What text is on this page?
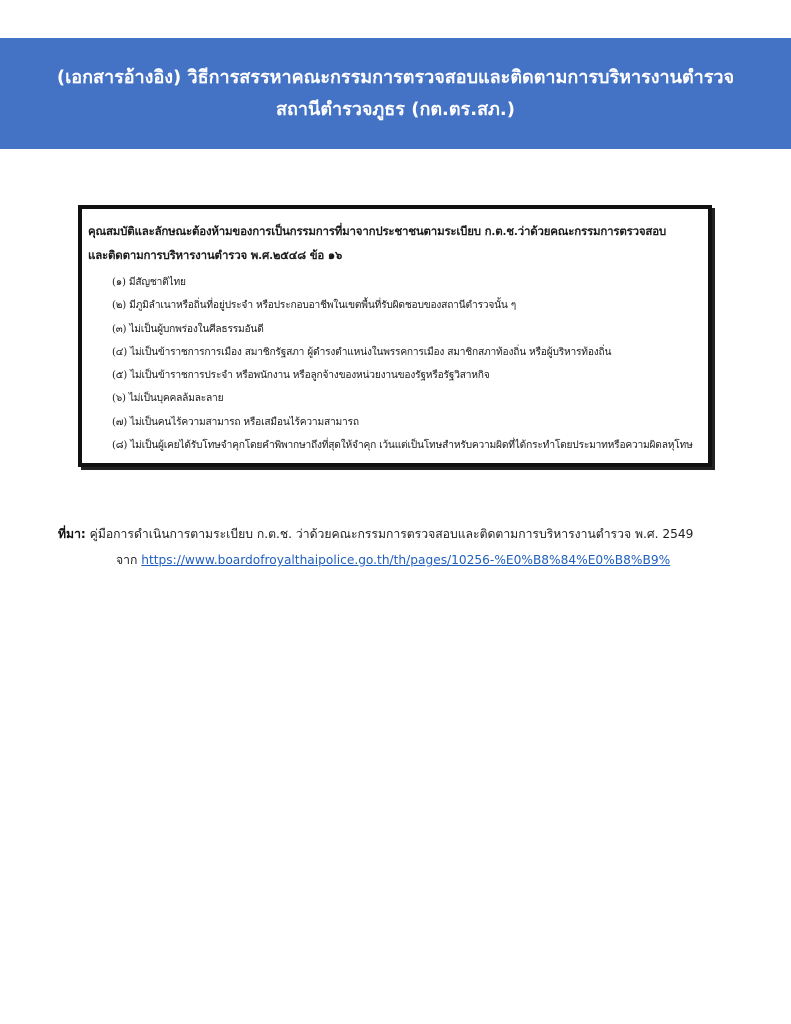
(เอกสารอ้างอิง) วิธีการสรรหาคณะกรรมการตรวจสอบและติดตามการบริหารงานตำรวจ
สถานีตำรวจภูธร (กต.ตร.สภ.)
คุณสมบัติและลักษณะต้องห้ามของการเป็นกรรมการที่มาจากประชาชนตามระเบียบ ก.ต.ช.ว่าด้วยคณะกรรมการตรวจสอบ
และติดตามการบริหารงานตำรวจ พ.ศ.๒๕๔๘ ข้อ ๑๖
(๑) มีสัญชาติไทย
(๒) มีภูมิลำเนาหรือถิ่นที่อยู่ประจำ หรือประกอบอาชีพในเขตพื้นที่รับผิดชอบของสถานีตำรวจนั้น ๆ
(๓) ไม่เป็นผู้บกพร่องในศีลธรรมอันดี
(๔) ไม่เป็นข้าราชการการเมือง สมาชิกรัฐสภา ผู้ดำรงตำแหน่งในพรรคการเมือง สมาชิกสภาท้องถิ่น หรือผู้บริหารท้องถิ่น
(๕) ไม่เป็นข้าราชการประจำ หรือพนักงาน หรือลูกจ้างของหน่วยงานของรัฐหรือรัฐวิสาหกิจ
(๖) ไม่เป็นบุคคลล้มละลาย
(๗) ไม่เป็นคนไร้ความสามารถ หรือเสมือนไร้ความสามารถ
(๘) ไม่เป็นผู้เคยได้รับโทษจำคุกโดยคำพิพากษาถึงที่สุดให้จำคุก เว้นแต่เป็นโทษสำหรับความผิดที่ได้กระทำโดยประมาทหรือความผิดลหุโทษ
ที่มา: คู่มือการดำเนินการตามระเบียบ ก.ต.ช. ว่าด้วยคณะกรรมการตรวจสอบและติดตามการบริหารงานตำรวจ พ.ศ. 2549
จาก https://www.boardofroyalthaipolice.go.th/th/pages/10256-%E0%B8%84%E0%B8%B9%
